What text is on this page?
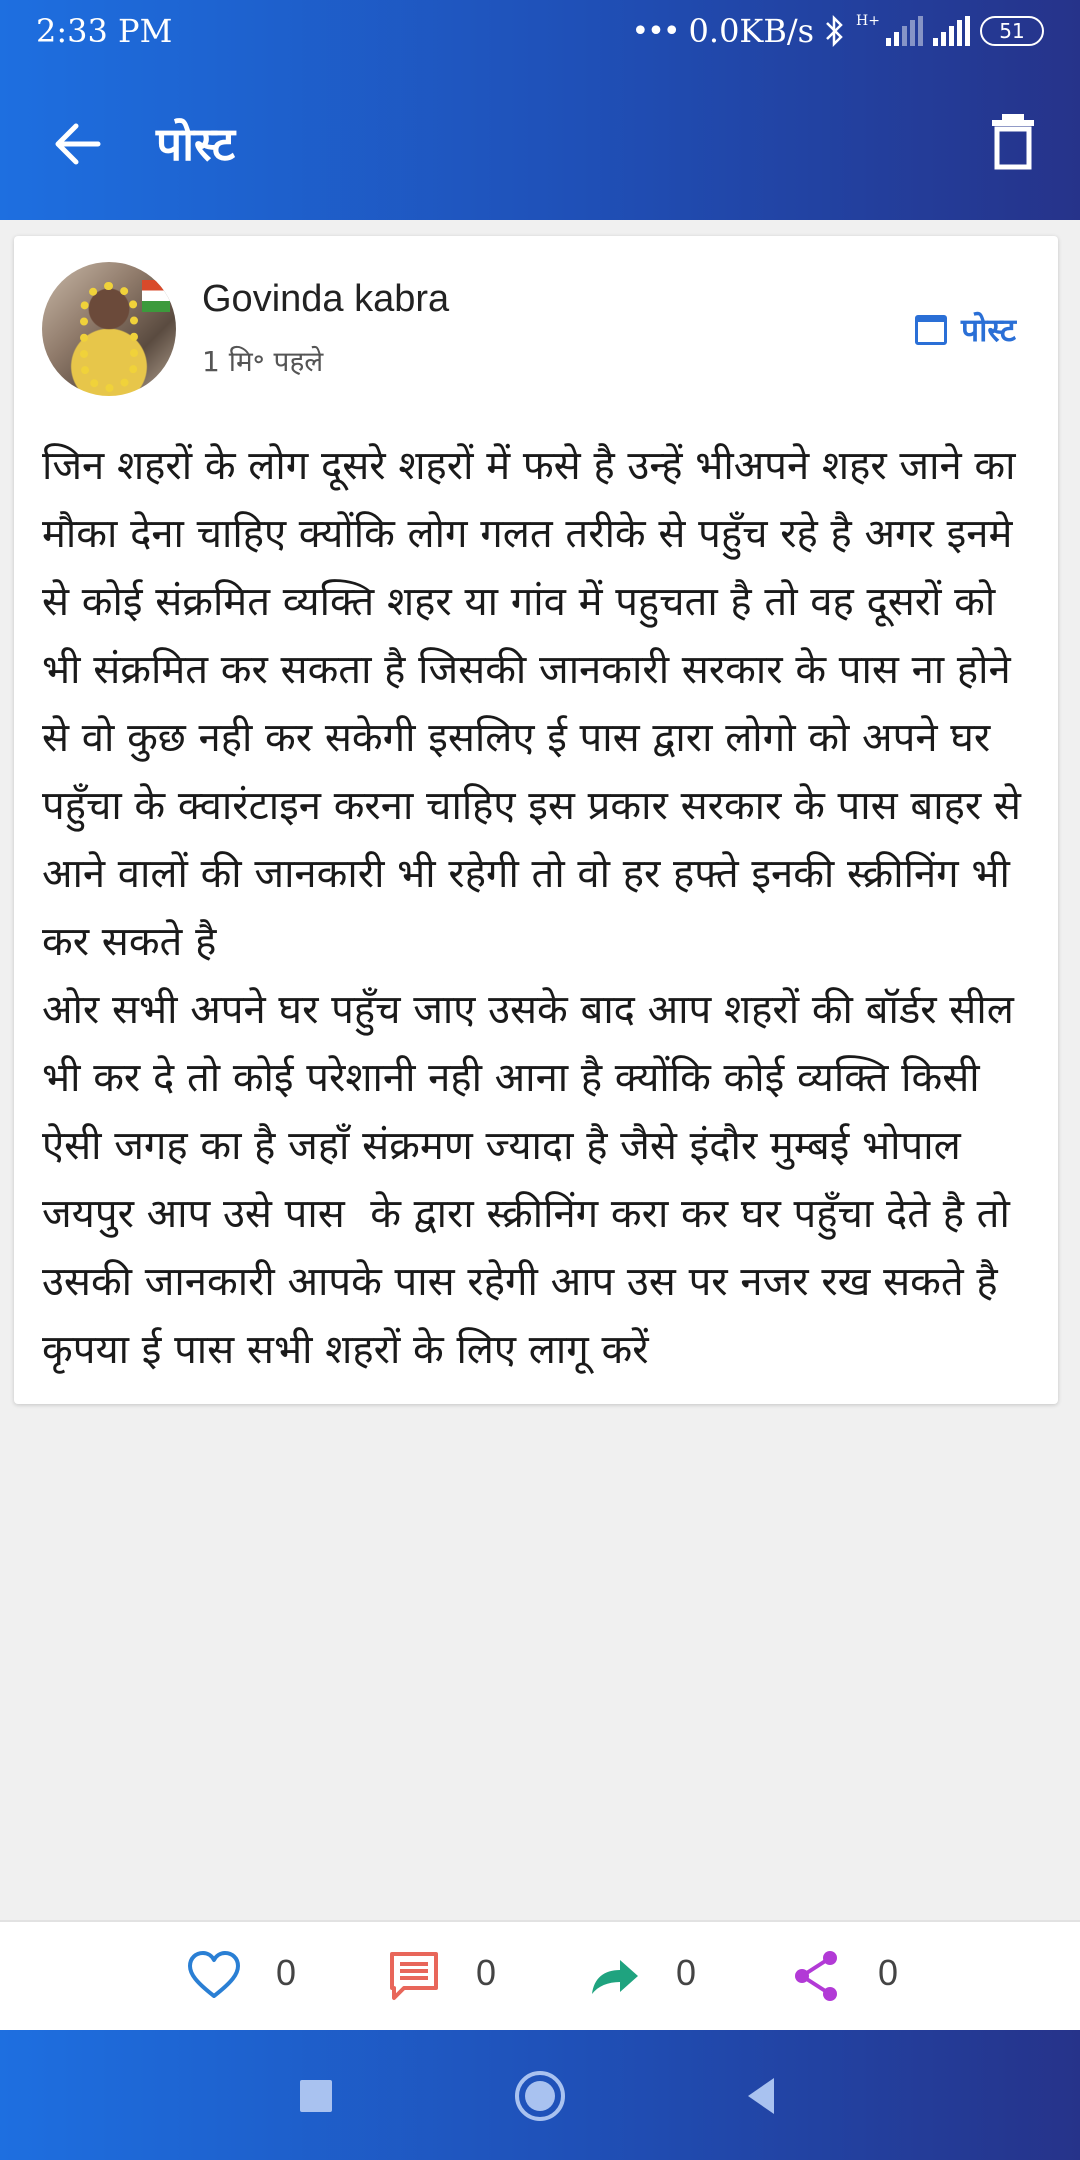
2:33 PM	••• 0.0KB/s	H+	51
पोस्ट
Govinda kabra
1 मि॰ पहले
पोस्ट
जिन शहरों के लोग दूसरे शहरों में फसे है उन्हें भीअपने शहर जाने का मौका देना चाहिए क्योंकि लोग गलत तरीके से पहुँच रहे है अगर इनमे से कोई संक्रमित व्यक्ति शहर या गांव में पहुचता है तो वह दूसरों को भी संक्रमित कर सकता है जिसकी जानकारी सरकार के पास ना होने से वो कुछ नही कर सकेगी इसलिए ई पास द्वारा लोगो को अपने घर पहुँचा के क्वारंटाइन करना चाहिए इस प्रकार सरकार के पास बाहर से आने वालों की जानकारी भी रहेगी तो वो हर हफ्ते इनकी स्क्रीनिंग भी कर सकते है
ओर सभी अपने घर पहुँच जाए उसके बाद आप शहरों की बॉर्डर सील भी कर दे तो कोई परेशानी नही आना है क्योंकि कोई व्यक्ति किसी ऐसी जगह का है जहाँ संक्रमण ज्यादा है जैसे इंदौर मुम्बई भोपाल जयपुर आप उसे पास  के द्वारा स्क्रीनिंग करा कर घर पहुँचा देते है तो उसकी जानकारी आपके पास रहेगी आप उस पर नजर रख सकते है कृपया ई पास सभी शहरों के लिए लागू करें
0	0	0	0
